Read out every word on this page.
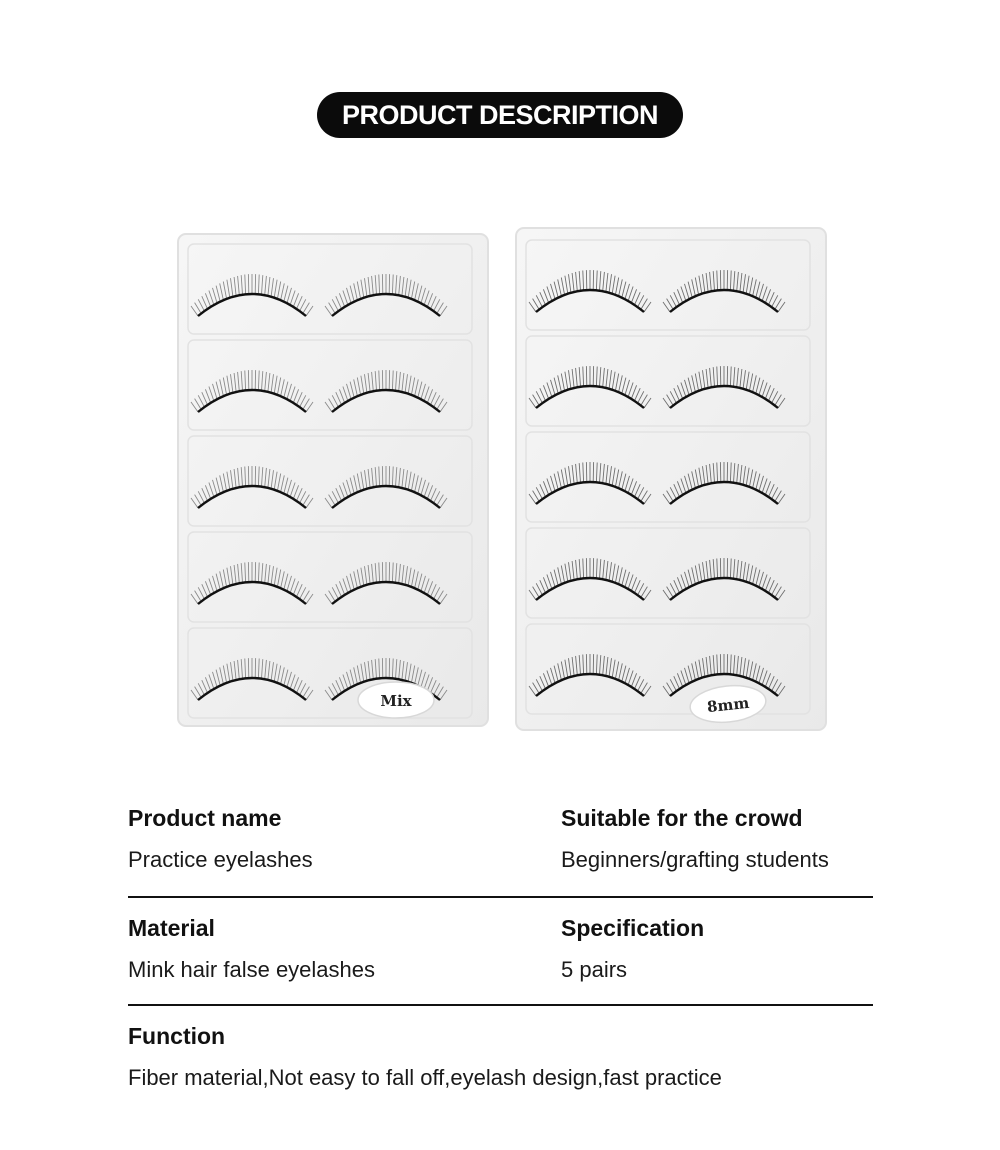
PRODUCT DESCRIPTION
Mix	8mm
Product name
Practice eyelashes
Suitable for the crowd
Beginners/grafting students
Material
Mink hair false eyelashes
Specification
5 pairs
Function
Fiber material,Not easy to fall off,eyelash design,fast practice
